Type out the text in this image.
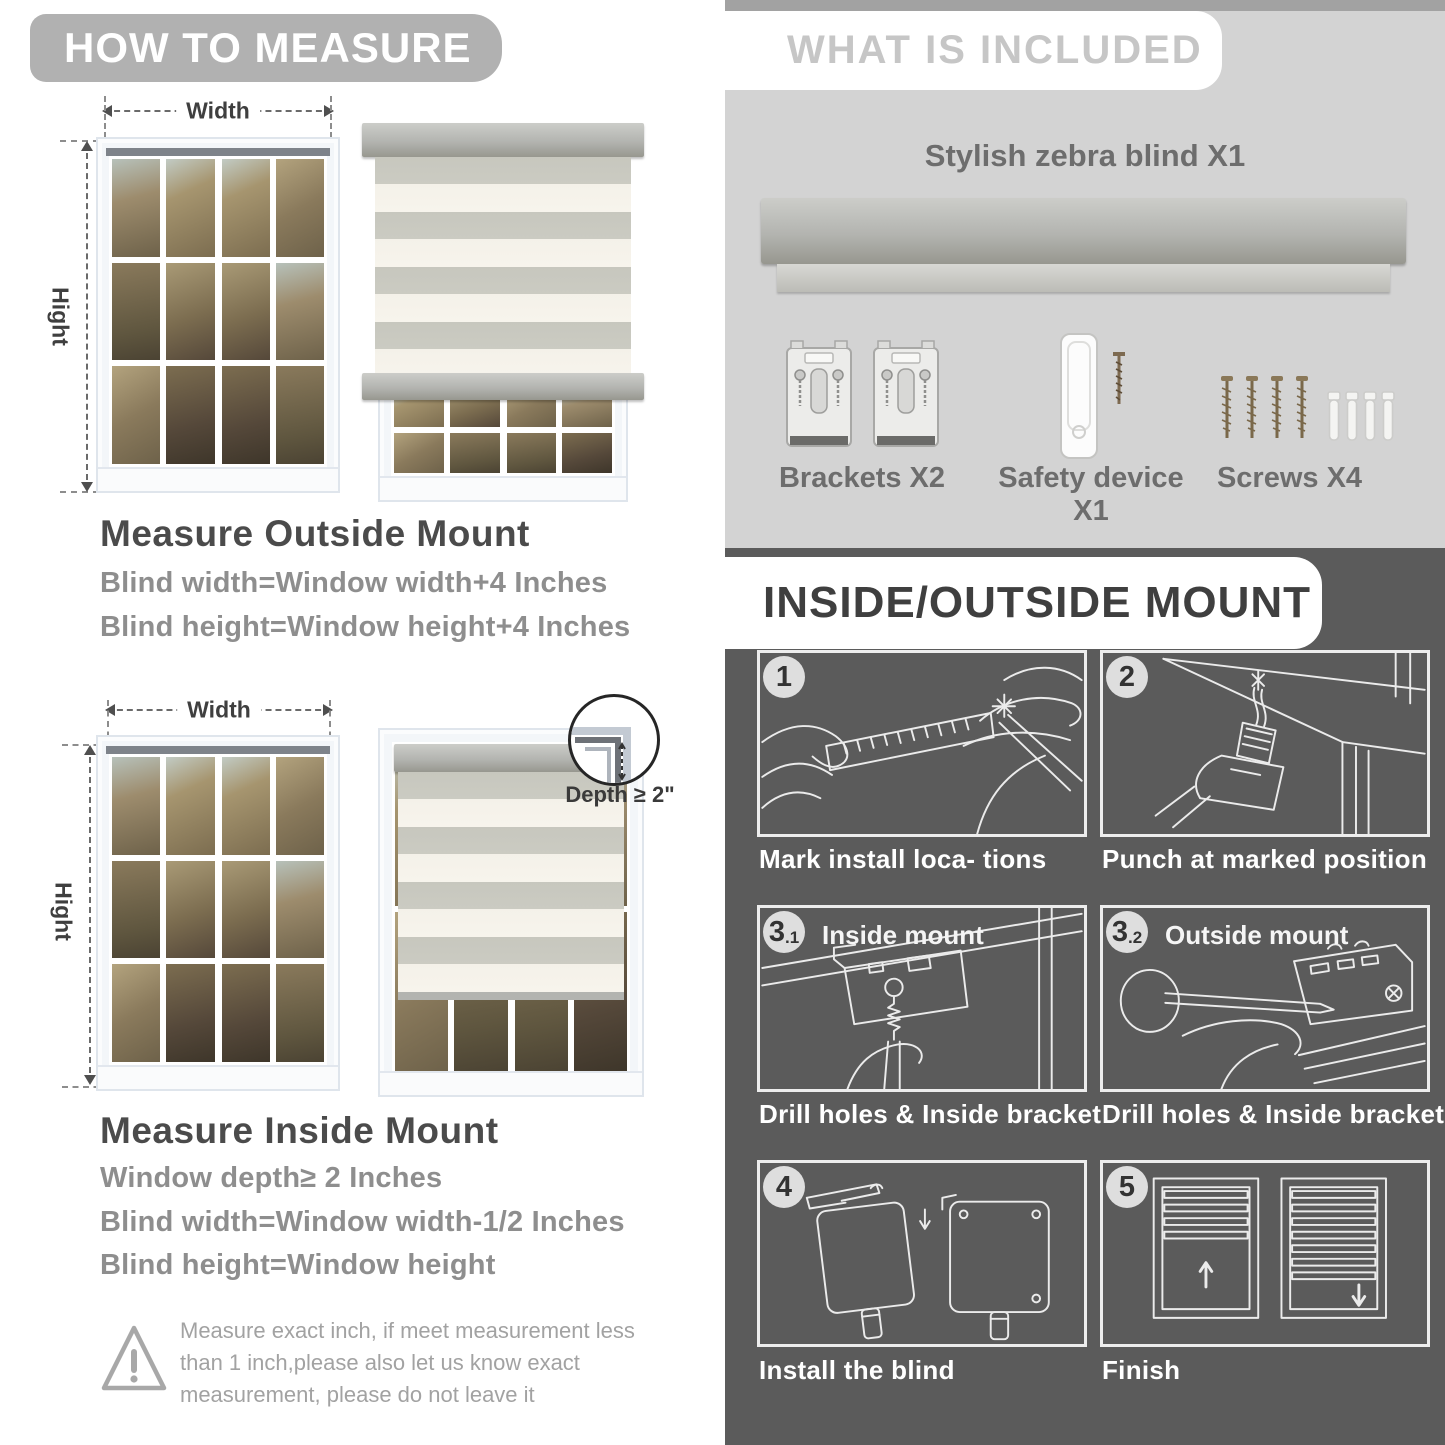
HOW TO MEASURE
Width
Hight
Measure Outside Mount
Blind width=Window width+4 Inches
Blind height=Window height+4 Inches
Width
Hight
Depth ≥ 2"
Measure Inside Mount
Window depth≥ 2 Inches
Blind width=Window width-1/2 Inches
Blind height=Window height
Measure exact inch, if meet measurement less
than 1 inch,please also let us know exact
measurement, please do not leave it
WHAT IS INCLUDED
Stylish zebra blind X1
Brackets X2	Safety device X1
Screws X4
INSIDE/OUTSIDE MOUNT
1
Mark install loca- tions
2
Punch at marked position
3 .1 Inside mount
Drill holes & Inside bracket
3 .2 Outside mount
Drill holes & Inside bracket
4
Install the blind
5
Finish
